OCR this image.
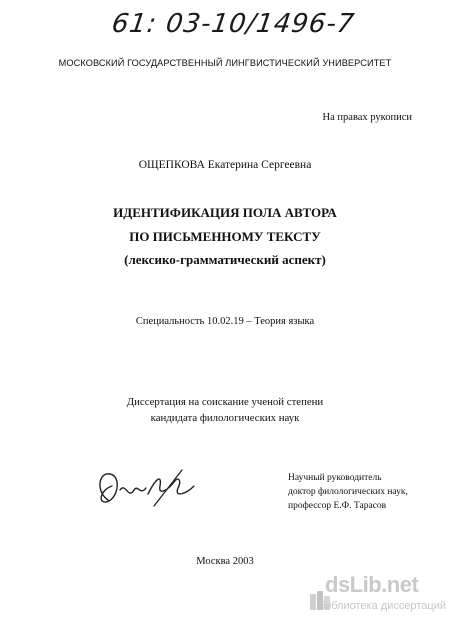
61: 03-10/1496-7
МОСКОВСКИЙ ГОСУДАРСТВЕННЫЙ ЛИНГВИСТИЧЕСКИЙ УНИВЕРСИТЕТ
На правах рукописи
ОЩЕПКОВА Екатерина Сергеевна
ИДЕНТИФИКАЦИЯ ПОЛА АВТОРА
ПО ПИСЬМЕННОМУ ТЕКСТУ
(лексико-грамматический аспект)
Специальность 10.02.19 – Теория языка
Диссертация на соискание ученой степени
кандидата филологических наук
Научный руководитель
доктор филологических наук,
профессор Е.Ф. Тарасов
Москва 2003
dsLib.net
библиотека диссертаций
